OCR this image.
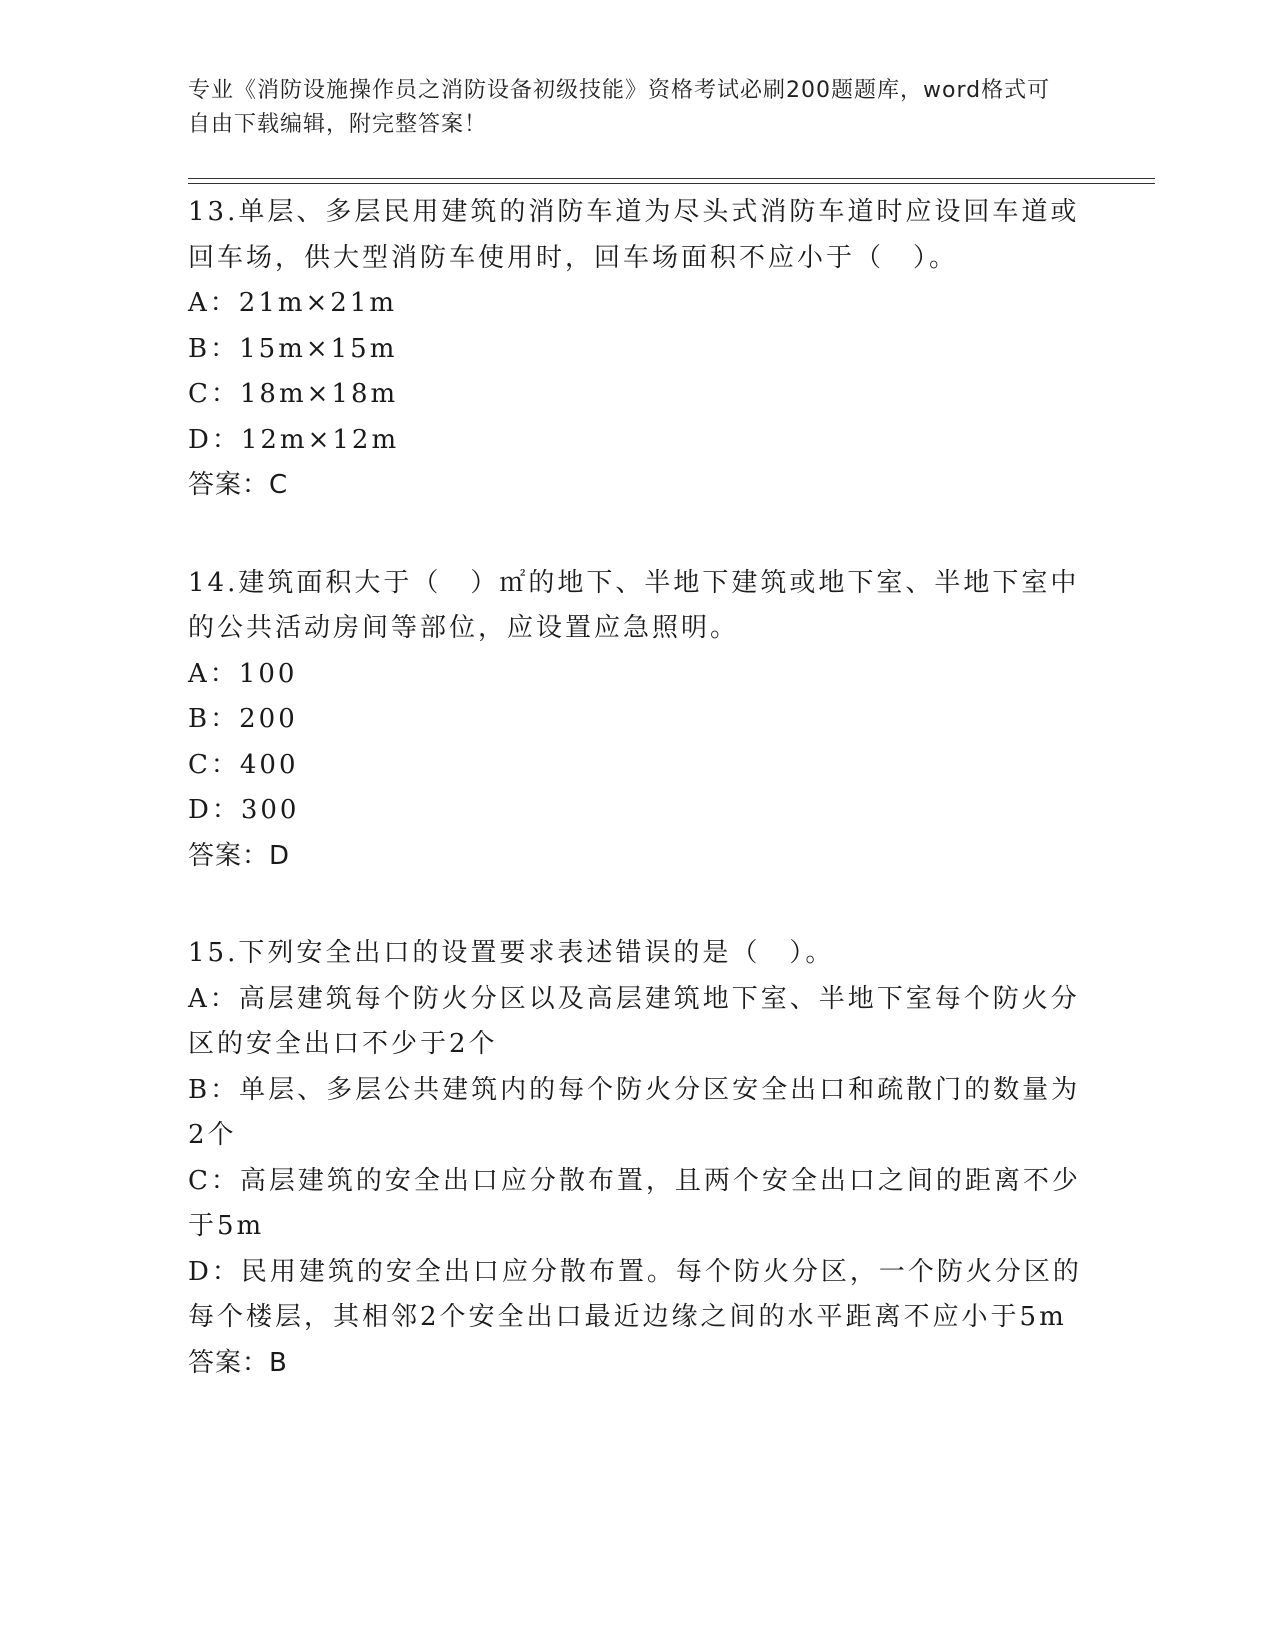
专业《消防设施操作员之消防设备初级技能》资格考试必刷200题题库，word格式可自由下载编辑，附完整答案！
13.单层、多层民用建筑的消防车道为尽头式消防车道时应设回车道或回车场，供大型消防车使用时，回车场面积不应小于（　）。
A：21m×21m
B：15m×15m
C：18m×18m
D：12m×12m
答案：C
14.建筑面积大于（　）㎡的地下、半地下建筑或地下室、半地下室中的公共活动房间等部位，应设置应急照明。
A：100
B：200
C：400
D：300
答案：D
15.下列安全出口的设置要求表述错误的是（　）。
A：高层建筑每个防火分区以及高层建筑地下室、半地下室每个防火分区的安全出口不少于2个
B：单层、多层公共建筑内的每个防火分区安全出口和疏散门的数量为2个
C：高层建筑的安全出口应分散布置，且两个安全出口之间的距离不少于5m
D：民用建筑的安全出口应分散布置。每个防火分区，一个防火分区的每个楼层，其相邻2个安全出口最近边缘之间的水平距离不应小于5m
答案：B
